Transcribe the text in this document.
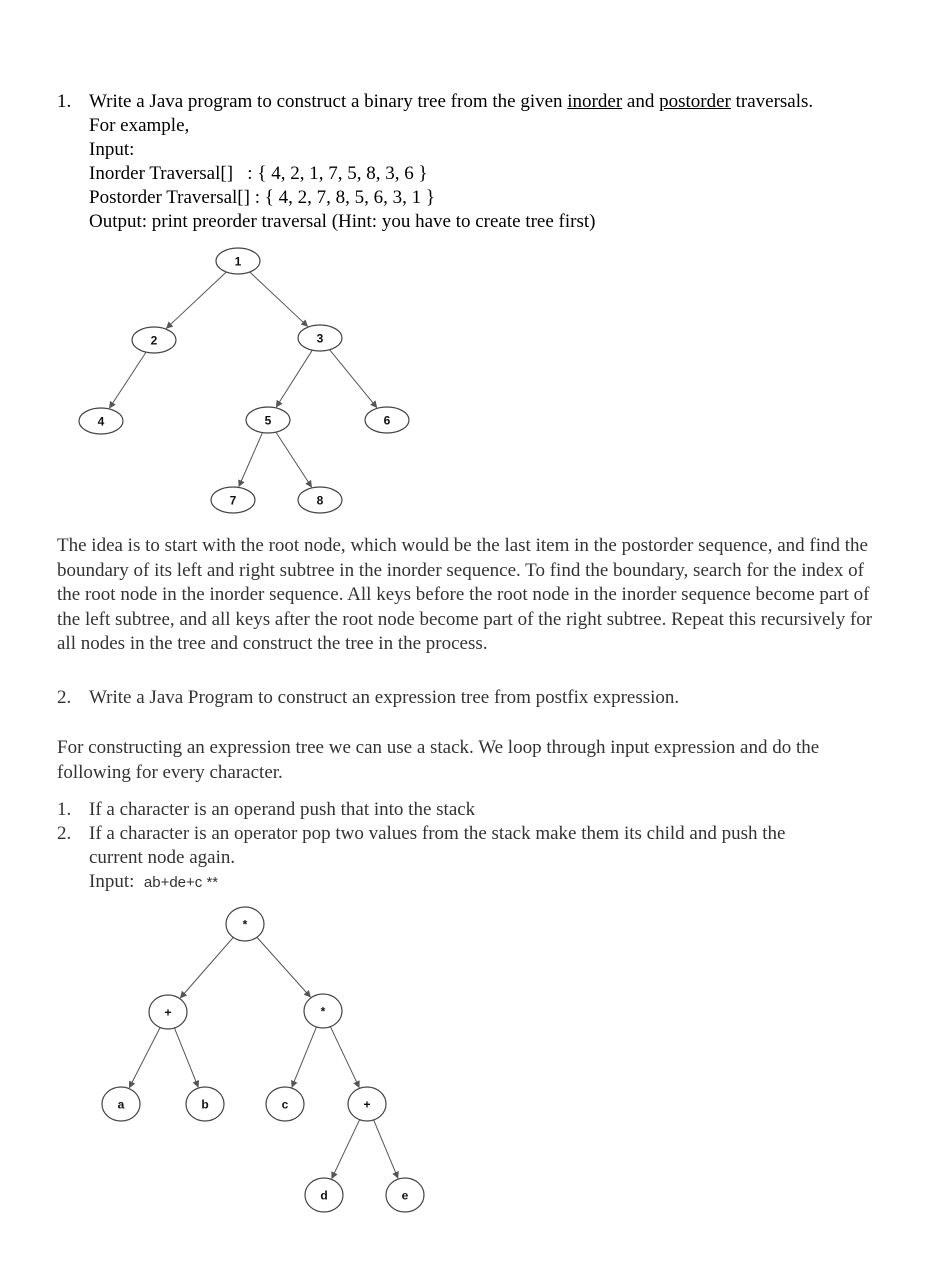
1. Write a Java program to construct a binary tree from the given inorder and postorder traversals.
For example,
Input:
Inorder Traversal[]   : { 4, 2, 1, 7, 5, 8, 3, 6 }
Postorder Traversal[] : { 4, 2, 7, 8, 5, 6, 3, 1 }
Output: print preorder traversal (Hint: you have to create tree first)
1
2	3
4	5	6
7	8
*
+	*
a	b	c	+
d	e
The idea is to start with the root node, which would be the last item in the postorder sequence, and find the boundary of its left and right subtree in the inorder sequence. To find the boundary, search for the index of the root node in the inorder sequence. All keys before the root node in the inorder sequence become part of the left subtree, and all keys after the root node become part of the right subtree. Repeat this recursively for all nodes in the tree and construct the tree in the process.
2. Write a Java Program to construct an expression tree from postfix expression.
For constructing an expression tree we can use a stack. We loop through input expression and do the following for every character.
1. If a character is an operand push that into the stack
2. If a character is an operator pop two values from the stack make them its child and push the
current node again.
Input: ab+de+c **
